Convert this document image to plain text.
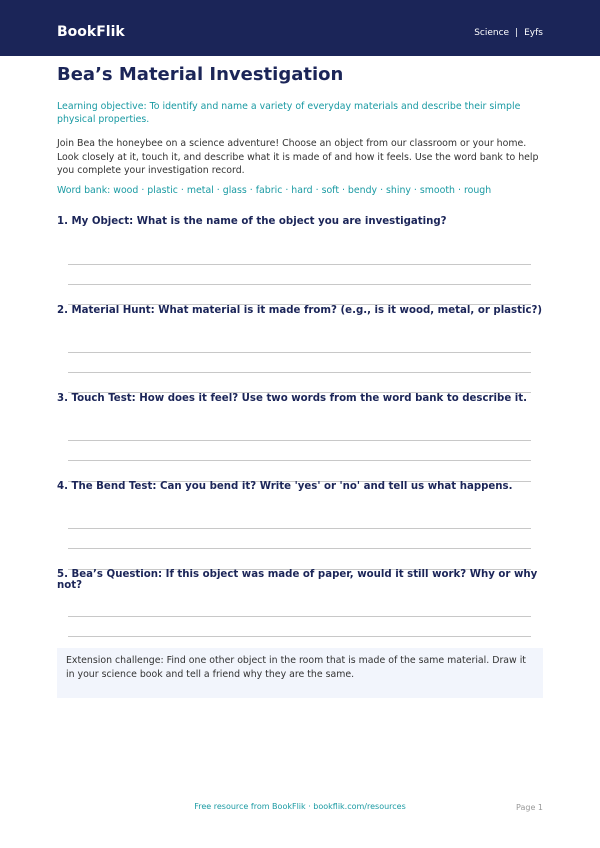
BookFlik	Science | Eyfs
Bea’s Material Investigation

Learning objective: To identify and name a variety of everyday materials and describe their simple physical properties.

Join Bea the honeybee on a science adventure! Choose an object from our classroom or your home. Look closely at it, touch it, and describe what it is made of and how it feels. Use the word bank to help you complete your investigation record.

Word bank: wood · plastic · metal · glass · fabric · hard · soft · bendy · shiny · smooth · rough

1. My Object: What is the name of the object you are investigating?

2. Material Hunt: What material is it made from? (e.g., is it wood, metal, or plastic?)

3. Touch Test: How does it feel? Use two words from the word bank to describe it.

4. The Bend Test: Can you bend it? Write 'yes' or 'no' and tell us what happens.

5. Bea’s Question: If this object was made of paper, would it still work? Why or why not?

Extension challenge: Find one other object in the room that is made of the same material. Draw it in your science book and tell a friend why they are the same.
Free resource from BookFlik · bookflik.com/resources	Page 1
